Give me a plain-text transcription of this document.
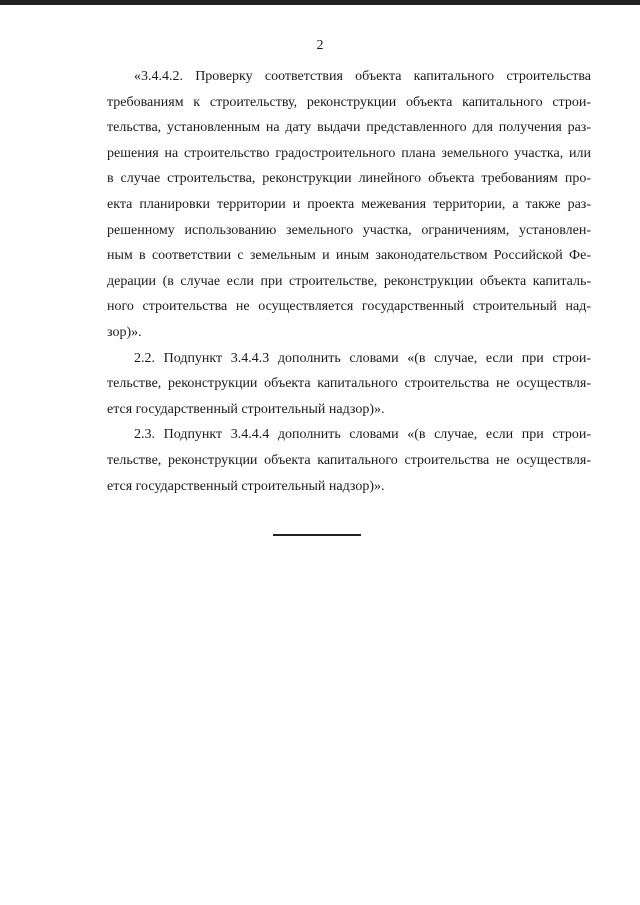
2
«3.4.4.2. Проверку соответствия объекта капитального строительства
требованиям к строительству, реконструкции объекта капитального строи-
тельства, установленным на дату выдачи представленного для получения раз-
решения на строительство градостроительного плана земельного участка, или
в случае строительства, реконструкции линейного объекта требованиям про-
екта планировки территории и проекта межевания территории, а также раз-
решенному использованию земельного участка, ограничениям, установлен-
ным в соответствии с земельным и иным законодательством Российской Фе-
дерации (в случае если при строительстве, реконструкции объекта капиталь-
ного строительства не осуществляется государственный строительный над-
зор)».
2.2. Подпункт 3.4.4.3 дополнить словами «(в случае, если при строи-
тельстве, реконструкции объекта капитального строительства не осуществля-
ется государственный строительный надзор)».
2.3. Подпункт 3.4.4.4 дополнить словами «(в случае, если при строи-
тельстве, реконструкции объекта капитального строительства не осуществля-
ется государственный строительный надзор)».
